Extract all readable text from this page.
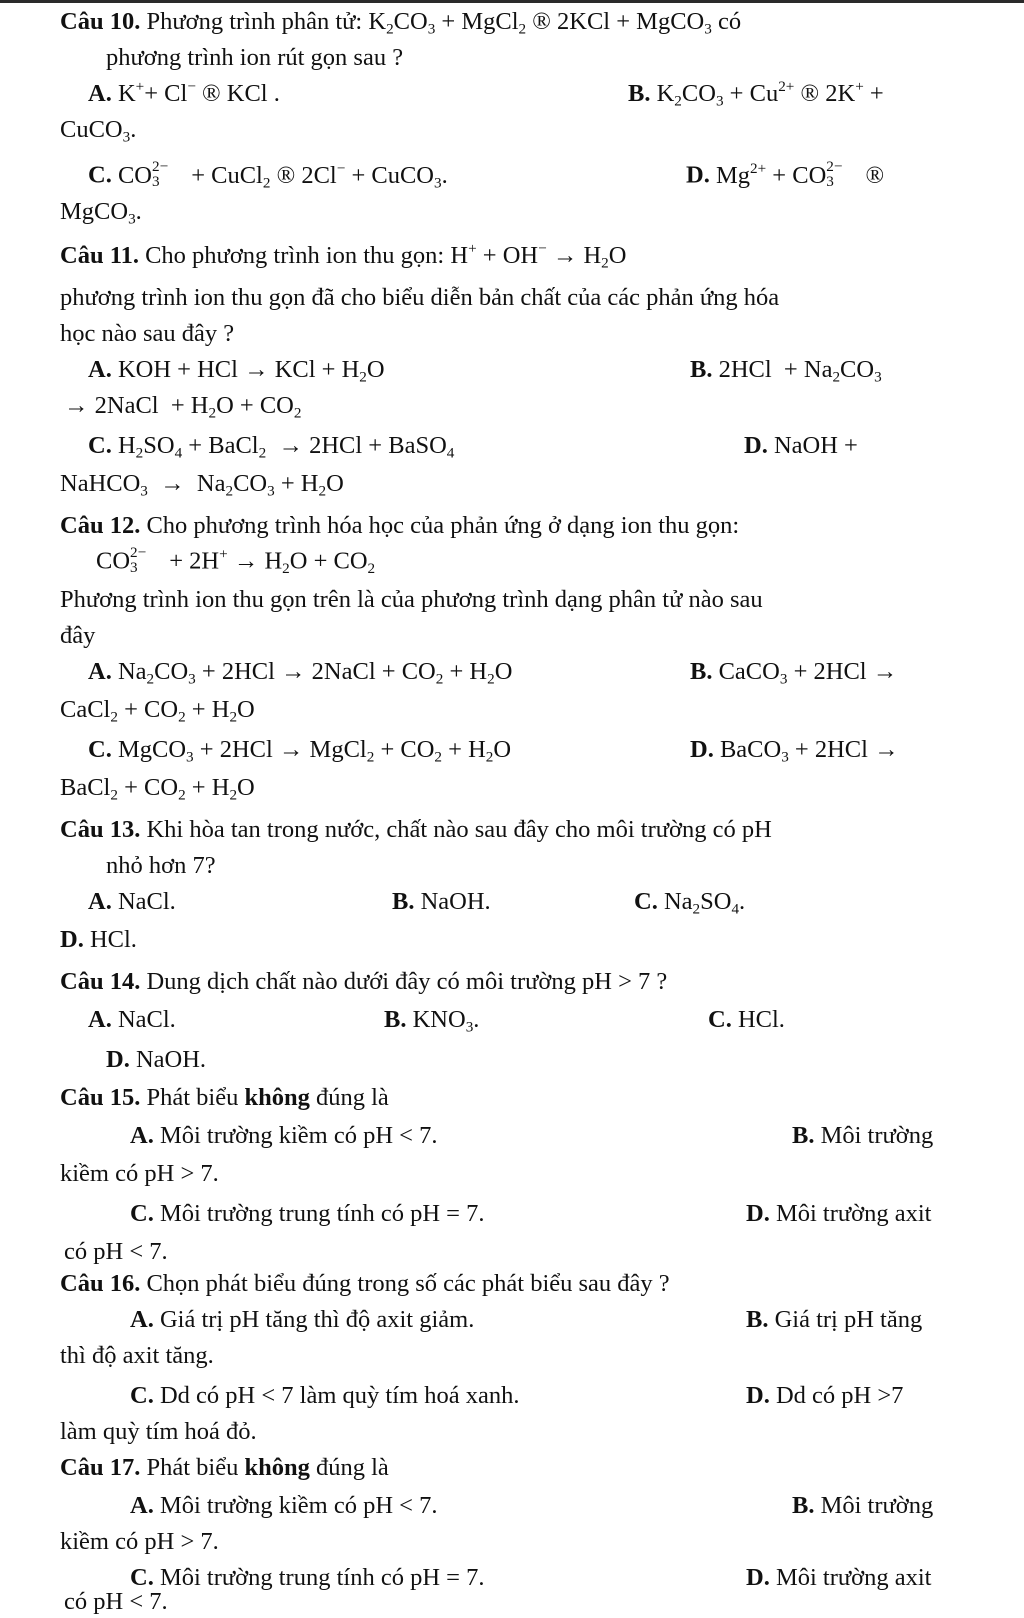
Câu 10. Phương trình phân tử: $K_2CO_3$ + MgCl$_2$ ® 2KCl + MgCO$_3$ có
phương trình ion rút gọn sau ?
A. K++ Cl− ® KCl .	B. $K_2CO_3 + Cu^{2+}$ ® 2K+ +
CuCO$_3$.
C. CO 2−
3 + CuCl$_2$ ® 2Cl− + CuCO$_3$.	D. $Mg^{2+}$ + CO 2−
3 ®
MgCO$_3$.
Câu 11. Cho phương trình ion thu gọn: $H^+ + OH^- \to H_2O$
phương trình ion thu gọn đã cho biểu diễn bản chất của các phản ứng hóa
học nào sau đây ?
A. KOH + HCl → KCl + $H_2O$	B. $2HCl + Na_2CO_3$
→ 2NaCl  + $H_2O + CO_2$
C. $H_2SO_4$ + BaCl$_2$  → 2HCl + BaSO$_4$	D. NaOH +
NaHCO$_3$  →  $Na_2CO_3 + H_2O$
Câu 12. Cho phương trình hóa học của phản ứng ở dạng ion thu gọn:
CO 2−
$3 + 2H^+ \to H_2O + CO_2$
Phương trình ion thu gọn trên là của phương trình dạng phân tử nào sau
đây
A. $Na_2CO_3 + 2HCl$ → 2NaCl + $CO_2 + H_2O$	B. CaCO$_3$ + 2HCl →
CaCl$_2$ + $CO_2 + H_2O$
C. MgCO$_3$ + 2HCl → MgCl$_2$ + $CO_2 + H_2O$	D. BaCO$_3$ + 2HCl →
BaCl$_2$ + $CO_2 + H_2O$
Câu 13. Khi hòa tan trong nước, chất nào sau đây cho môi trường có pH
nhỏ hơn 7?
A. NaCl.	B. NaOH.	C. $Na_2SO_4$.
D. HCl.
Câu 14. Dung dịch chất nào dưới đây có môi trường pH > 7 ?
A. NaCl.	B. $KNO_3$.	C. HCl.
D. NaOH.
Câu 15. Phát biểu không đúng là
A. Môi trường kiềm có pH < 7.	B. Môi trường
kiềm có pH > 7.
C. Môi trường trung tính có pH = 7.	D. Môi trường axit
có pH < 7.
Câu 16. Chọn phát biểu đúng trong số các phát biểu sau đây ?
A. Giá trị pH tăng thì độ axit giảm.	B. Giá trị pH tăng
thì độ axit tăng.
C. Dd có pH < 7 làm quỳ tím hoá xanh.	D. Dd có pH >7
làm quỳ tím hoá đỏ.
Câu 17. Phát biểu không đúng là
A. Môi trường kiềm có pH < 7.	B. Môi trường
kiềm có pH > 7.
C. Môi trường trung tính có pH = 7.	D. Môi trường axit
có pH < 7.
